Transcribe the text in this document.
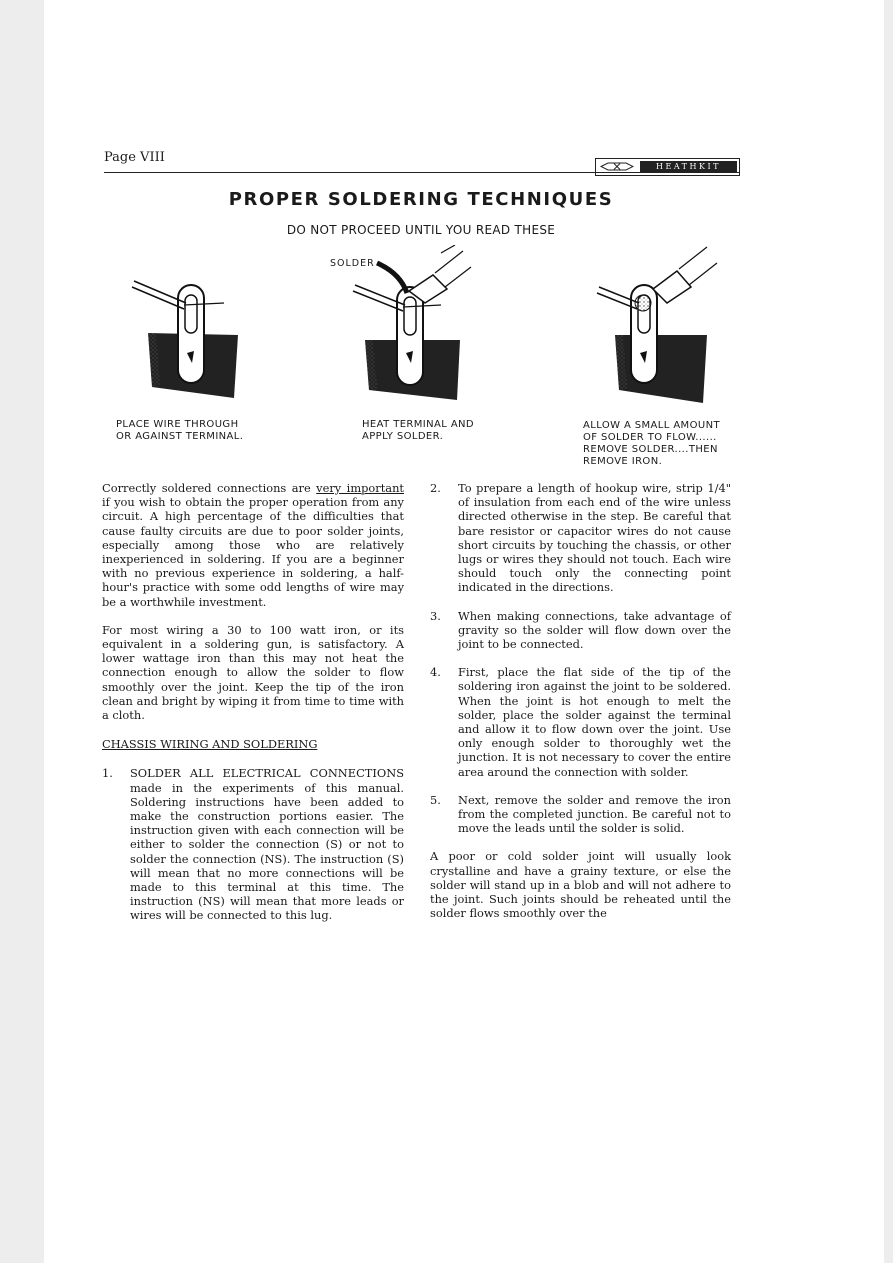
Page VIII
HEATHKIT
PROPER SOLDERING TECHNIQUES
DO NOT PROCEED UNTIL YOU READ THESE
SOLDER
PLACE WIRE THROUGH
OR AGAINST TERMINAL.
HEAT TERMINAL AND
APPLY SOLDER.
ALLOW A SMALL AMOUNT
OF SOLDER TO FLOW......
REMOVE SOLDER....THEN
REMOVE IRON.

Correctly soldered connections are very important if you wish to obtain the proper operation from any circuit. A high percentage of the difficulties that cause faulty circuits are due to poor solder joints, especially among those who are relatively inexperienced in soldering. If you are a beginner with no previous experience in soldering, a half-hour's practice with some odd lengths of wire may be a worthwhile investment.

For most wiring a 30 to 100 watt iron, or its equivalent in a soldering gun, is satisfactory. A lower wattage iron than this may not heat the connection enough to allow the solder to flow smoothly over the joint. Keep the tip of the iron clean and bright by wiping it from time to time with a cloth.

CHASSIS WIRING AND SOLDERING

1. SOLDER ALL ELECTRICAL CONNECTIONS made in the experiments of this manual. Soldering instructions have been added to make the construction portions easier. The instruction given with each connection will be either to solder the connection (S) or not to solder the connection (NS). The instruction (S) will mean that no more connections will be made to this terminal at this time. The instruction (NS) will mean that more leads or wires will be connected to this lug.
2. To prepare a length of hookup wire, strip 1/4" of insulation from each end of the wire unless directed otherwise in the step. Be careful that bare resistor or capacitor wires do not cause short circuits by touching the chassis, or other lugs or wires they should not touch. Each wire should touch only the connecting point indicated in the directions.
3. When making connections, take advantage of gravity so the solder will flow down over the joint to be connected.
4. First, place the flat side of the tip of the soldering iron against the joint to be soldered. When the joint is hot enough to melt the solder, place the solder against the terminal and allow it to flow down over the joint. Use only enough solder to thoroughly wet the junction. It is not necessary to cover the entire area around the connection with solder.
5. Next, remove the solder and remove the iron from the completed junction. Be careful not to move the leads until the solder is solid.

A poor or cold solder joint will usually look crystalline and have a grainy texture, or else the solder will stand up in a blob and will not adhere to the joint. Such joints should be reheated until the solder flows smoothly over the
